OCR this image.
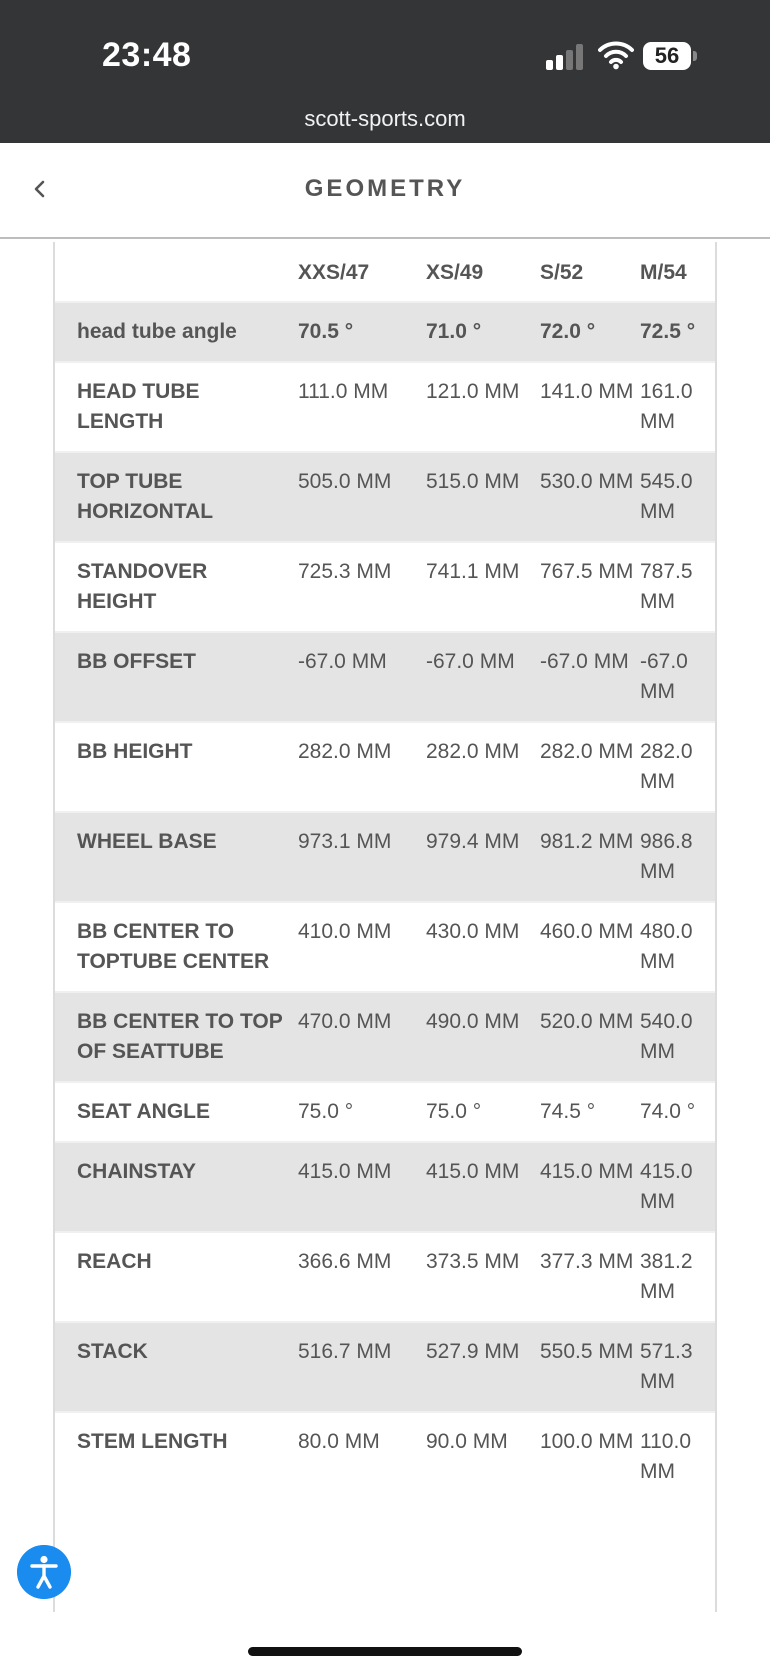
23:48	56
scott-sports.com
GEOMETRY
	XXS/47	XS/49	S/52	M/54
head tube angle	70.5 °	71.0 °	72.0 °	72.5 °
HEAD TUBE LENGTH	111.0 MM	121.0 MM	141.0 MM	161.0 MM
TOP TUBE HORIZONTAL	505.0 MM	515.0 MM	530.0 MM	545.0 MM
STANDOVER HEIGHT	725.3 MM	741.1 MM	767.5 MM	787.5 MM
BB OFFSET	-67.0 MM	-67.0 MM	-67.0 MM	-67.0 MM
BB HEIGHT	282.0 MM	282.0 MM	282.0 MM	282.0 MM
WHEEL BASE	973.1 MM	979.4 MM	981.2 MM	986.8 MM
BB CENTER TO TOPTUBE CENTER	410.0 MM	430.0 MM	460.0 MM	480.0 MM
BB CENTER TO TOP OF SEATTUBE	470.0 MM	490.0 MM	520.0 MM	540.0 MM
SEAT ANGLE	75.0 °	75.0 °	74.5 °	74.0 °
CHAINSTAY	415.0 MM	415.0 MM	415.0 MM	415.0 MM
REACH	366.6 MM	373.5 MM	377.3 MM	381.2 MM
STACK	516.7 MM	527.9 MM	550.5 MM	571.3 MM
STEM LENGTH	80.0 MM	90.0 MM	100.0 MM	110.0 MM
